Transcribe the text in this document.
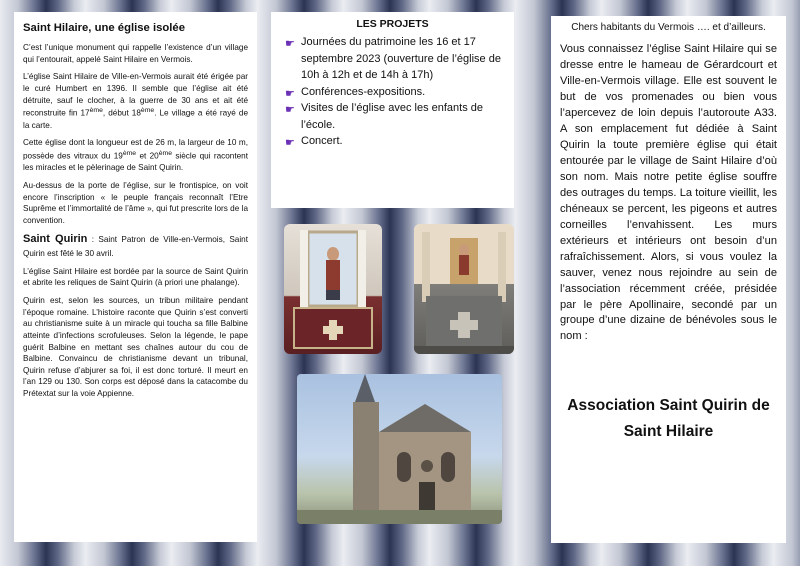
Saint Hilaire, une église isolée

C’est l’unique monument qui rappelle l’existence d’un village qui l’entourait, appelé Saint Hilaire en Vermois.

L’église Saint Hilaire de Ville-en-Vermois aurait été érigée par le curé Humbert en 1396. Il semble que l’église ait été détruite, sauf le clocher, à la guerre de 30 ans et ait été reconstruite fin 17ème, début 18ème. Le village a été rayé de la carte.

Cette église dont la longueur est de 26 m, la largeur de 10 m, possède des vitraux du 19ème et 20ème siècle qui racontent les miracles et le pèlerinage de Saint Quirin.

Au-dessus de la porte de l’église, sur le frontispice, on voit encore l’inscription « le peuple français reconnaît l’Etre Suprême et l’immortalité de l’âme », qui fut prescrite lors de la convention.

Saint Quirin : Saint Patron de Ville-en-Vermois, Saint Quirin est fêté le 30 avril.

L’église Saint Hilaire est bordée par la source de Saint Quirin et abrite les reliques de Saint Quirin (à priori une phalange).

Quirin est, selon les sources, un tribun militaire pendant l’époque romaine. L’histoire raconte que Quirin s’est converti au christianisme suite à un miracle qui toucha sa fille Balbine atteinte d’infections scrofuleuses. Selon la légende, le pape guérit Balbine en mettant ses chaînes autour du cou de Balbine. Convaincu de christianisme devant un tribunal, Quirin refuse d’abjurer sa foi, il est donc torturé. Il meurt en l’an 129 ou 130. Son corps est déposé dans la catacombe du Prétextat sur la voie Appienne.

LES PROJETS
☛ Journées du patrimoine les 16 et 17 septembre 2023 (ouverture de l’église de 10h à 12h et de 14h à 17h)
☛ Conférences-expositions.
☛ Visites de l’église avec les enfants de l’école.
☛ Concert.

Chers habitants du Vermois …. et d’ailleurs.

Vous connaissez l’église Saint Hilaire qui se dresse entre le hameau de Gérardcourt et Ville-en-Vermois village. Elle est souvent le but de vos promenades ou bien vous l’apercevez de loin depuis l’autoroute A33. A son emplacement fut dédiée à Saint Quirin la toute première église qui était entourée par le village de Saint Hilaire d’où son nom. Mais notre petite église souffre des outrages du temps. La toiture vieillit, les chéneaux se percent, les pigeons et autres corneilles l’envahissent. Les murs extérieurs et intérieurs ont besoin d’un rafraîchissement. Alors, si vous voulez la sauver, venez nous rejoindre au sein de l’association récemment créée, présidée par le père Apollinaire, secondé par un groupe d’une dizaine de bénévoles sous le nom :

Association Saint Quirin de
Saint Hilaire
